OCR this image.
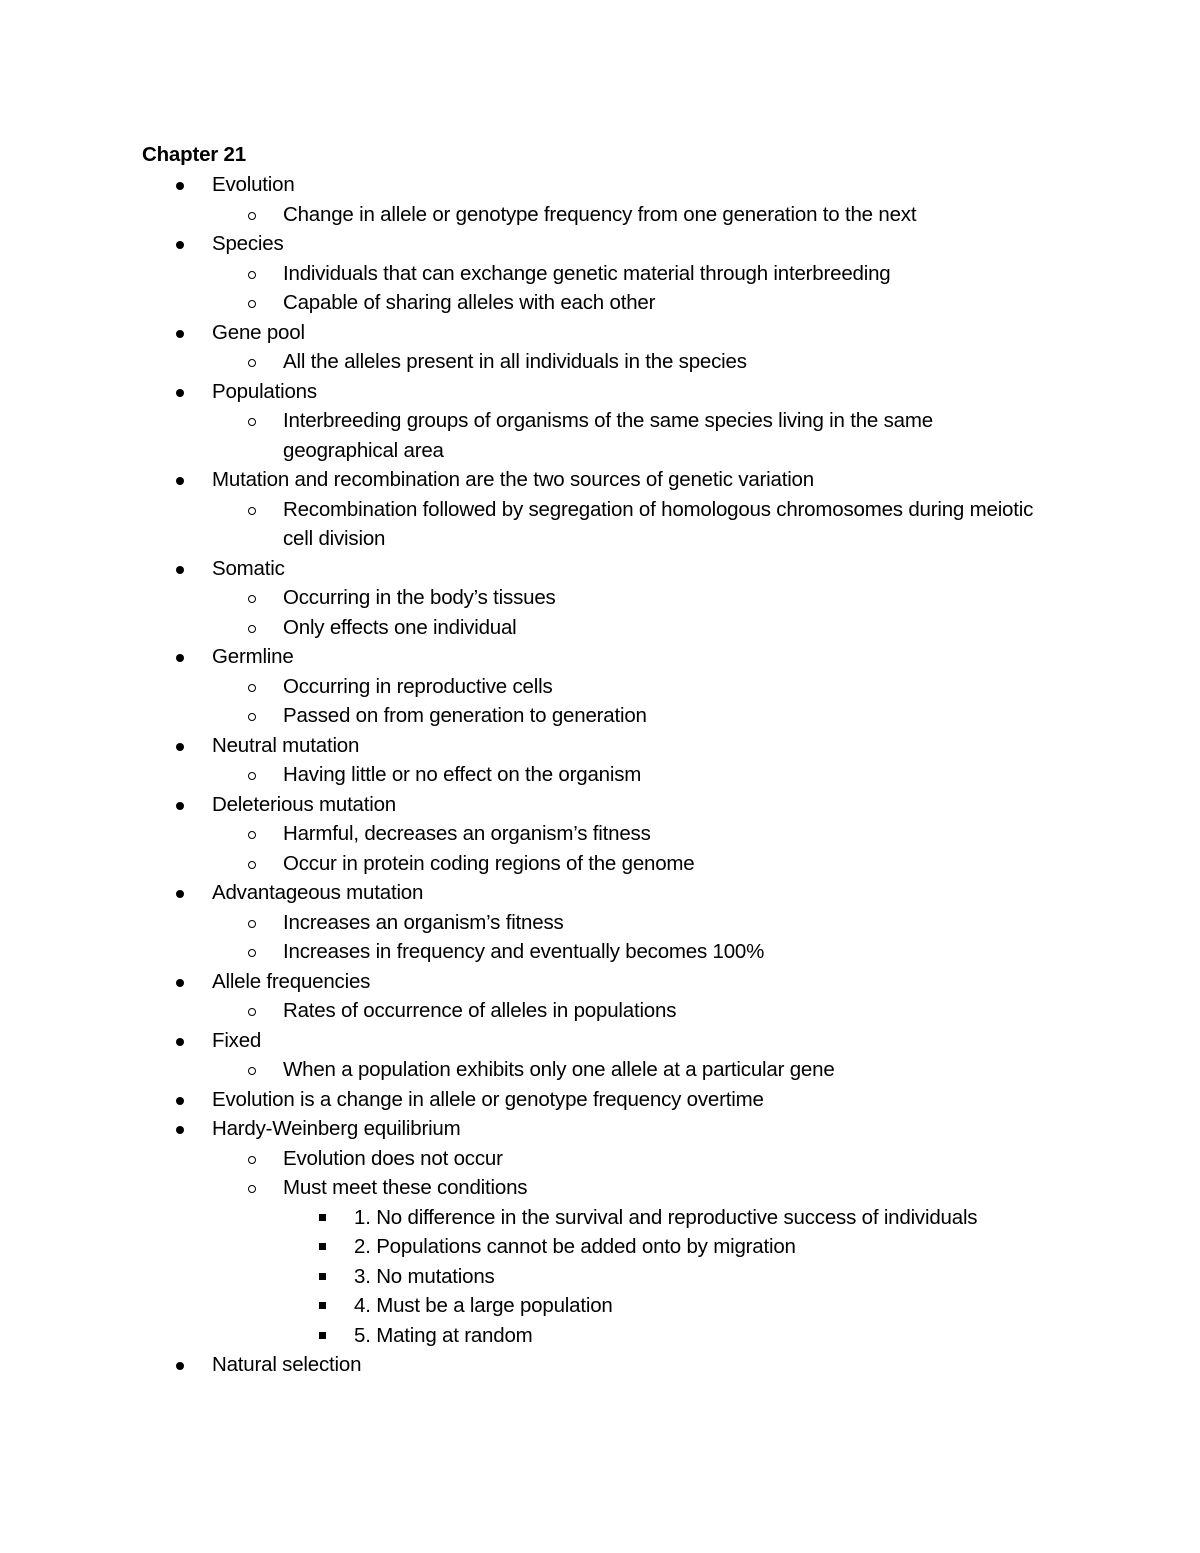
Chapter 21
Evolution
Change in allele or genotype frequency from one generation to the next
Species
Individuals that can exchange genetic material through interbreeding
Capable of sharing alleles with each other
Gene pool
All the alleles present in all individuals in the species
Populations
Interbreeding groups of organisms of the same species living in the same geographical area
Mutation and recombination are the two sources of genetic variation
Recombination followed by segregation of homologous chromosomes during meiotic cell division
Somatic
Occurring in the body’s tissues
Only effects one individual
Germline
Occurring in reproductive cells
Passed on from generation to generation
Neutral mutation
Having little or no effect on the organism
Deleterious mutation
Harmful, decreases an organism’s fitness
Occur in protein coding regions of the genome
Advantageous mutation
Increases an organism’s fitness
Increases in frequency and eventually becomes 100%
Allele frequencies
Rates of occurrence of alleles in populations
Fixed
When a population exhibits only one allele at a particular gene
Evolution is a change in allele or genotype frequency overtime
Hardy-Weinberg equilibrium
Evolution does not occur
Must meet these conditions
1. No difference in the survival and reproductive success of individuals
2. Populations cannot be added onto by migration
3. No mutations
4. Must be a large population
5. Mating at random
Natural selection
